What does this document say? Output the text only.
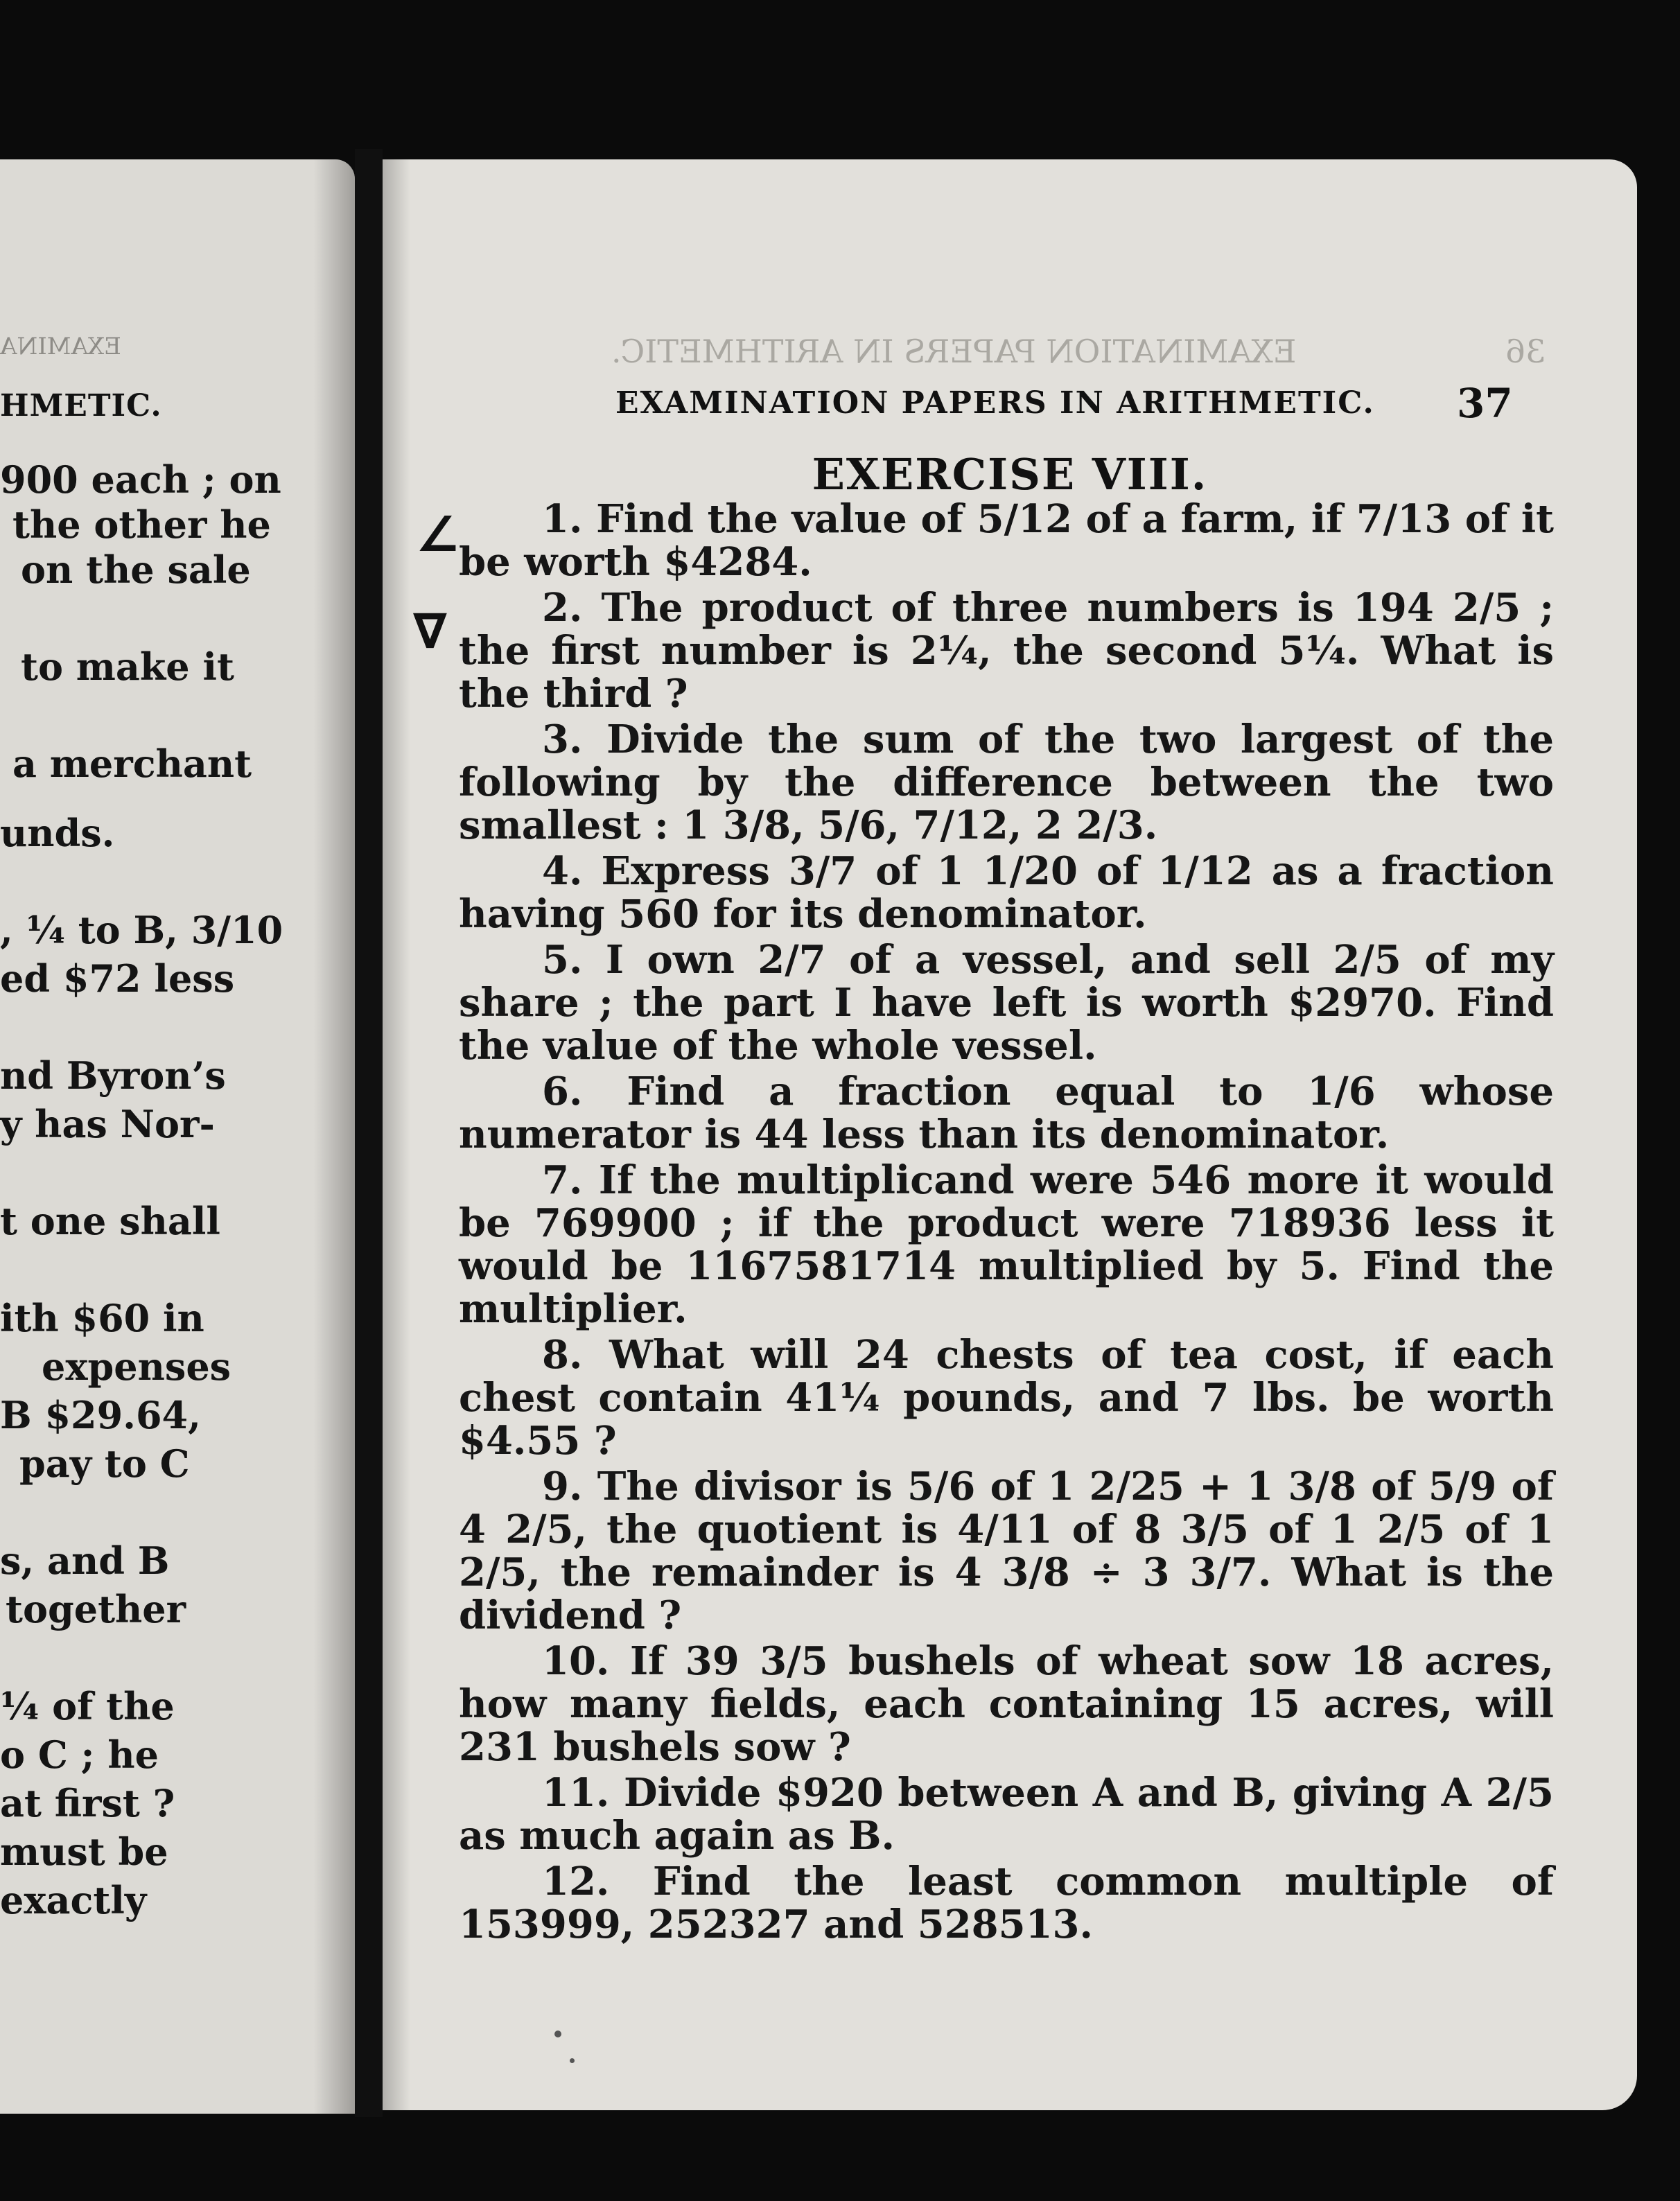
EXAMINA
HMETIC.
900 each ; on
the other he
on the sale
to make it
a merchant
unds.
, ¼ to B, 3/10
ed $72 less
nd Byron’s
y has Nor-
t one shall
ith $60 in
expenses
B $29.64,
pay to C
s, and B
together
¼ of the
o C ; he
at first ?
must be
exactly
EXAMINATION PAPERS IN ARITHMETIC.	36
EXAMINATION PAPERS IN ARITHMETIC. 37
EXERCISE VIII.

1. Find the value of 5/12 of a farm, if 7/13 of it be worth $4284.

2. The product of three numbers is 194 2/5 ; the first number is 2¼, the second 5¼. What is the third ?

3. Divide the sum of the two largest of the following by the difference between the two smallest : 1 3/8, 5/6, 7/12, 2 2/3.

4. Express 3/7 of 1 1/20 of 1/12 as a fraction having 560 for its denominator.

5. I own 2/7 of a vessel, and sell 2/5 of my share ; the part I have left is worth $2970. Find the value of the whole vessel.

6. Find a fraction equal to 1/6 whose numerator is 44 less than its denominator.

7. If the multiplicand were 546 more it would be 769900 ; if the product were 718936 less it would be 1167581714 multiplied by 5. Find the multiplier.

8. What will 24 chests of tea cost, if each chest contain 41¼ pounds, and 7 lbs. be worth $4.55 ?

9. The divisor is 5/6 of 1 2/25 + 1 3/8 of 5/9 of 4 2/5, the quotient is 4/11 of 8 3/5 of 1 2/5 of 1 2/5, the remainder is 4 3/8 ÷ 3 3/7. What is the dividend ?

10. If 39 3/5 bushels of wheat sow 18 acres, how many fields, each containing 15 acres, will 231 bushels sow ?

11. Divide $920 between A and B, giving A 2/5 as much again as B.

12. Find the least common multiple of 153999, 252327 and 528513.

∠
∇
